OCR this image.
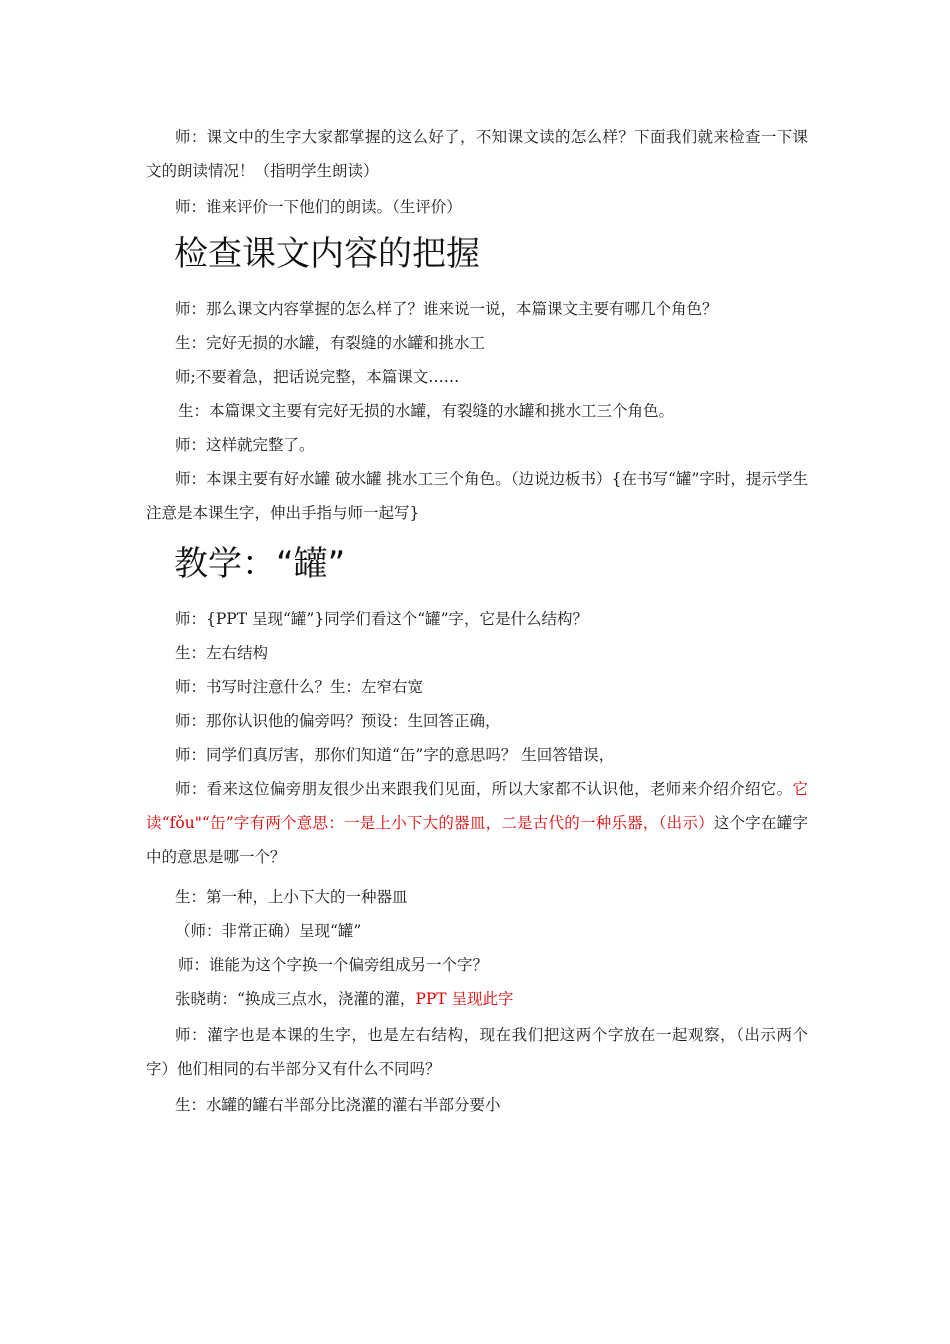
师：课文中的生字大家都掌握的这么好了，不知课文读的怎么样？下面我们就来检查一下课文的朗读情况！（指明学生朗读）
师：谁来评价一下他们的朗读。（生评价）
检查课文内容的把握
师：那么课文内容掌握的怎么样了？谁来说一说，本篇课文主要有哪几个角色？
生：完好无损的水罐，有裂缝的水罐和挑水工
师;不要着急，把话说完整，本篇课文……
生：本篇课文主要有完好无损的水罐，有裂缝的水罐和挑水工三个角色。
师：这样就完整了。
师：本课主要有好水罐 破水罐 挑水工三个角色。（边说边板书）{在书写“罐”字时，提示学生注意是本课生字，伸出手指与师一起写}
教学：“罐”
师：{PPT 呈现“罐”}同学们看这个“罐”字，它是什么结构？
生：左右结构
师：书写时注意什么？生：左窄右宽
师：那你认识他的偏旁吗？预设：生回答正确，
师：同学们真厉害，那你们知道“缶”字的意思吗？ 生回答错误，
师：看来这位偏旁朋友很少出来跟我们见面，所以大家都不认识他，老师来介绍介绍它。它读“fǒu"“缶”字有两个意思：一是上小下大的器皿，二是古代的一种乐器，（出示）这个字在罐字中的意思是哪一个？
生：第一种，上小下大的一种器皿
（师：非常正确）呈现“罐”
师：谁能为这个字换一个偏旁组成另一个字？
张晓萌：“换成三点水，浇灌的灌，PPT 呈现此字
师：灌字也是本课的生字，也是左右结构，现在我们把这两个字放在一起观察，（出示两个字）他们相同的右半部分又有什么不同吗？
生：水罐的罐右半部分比浇灌的灌右半部分要小
